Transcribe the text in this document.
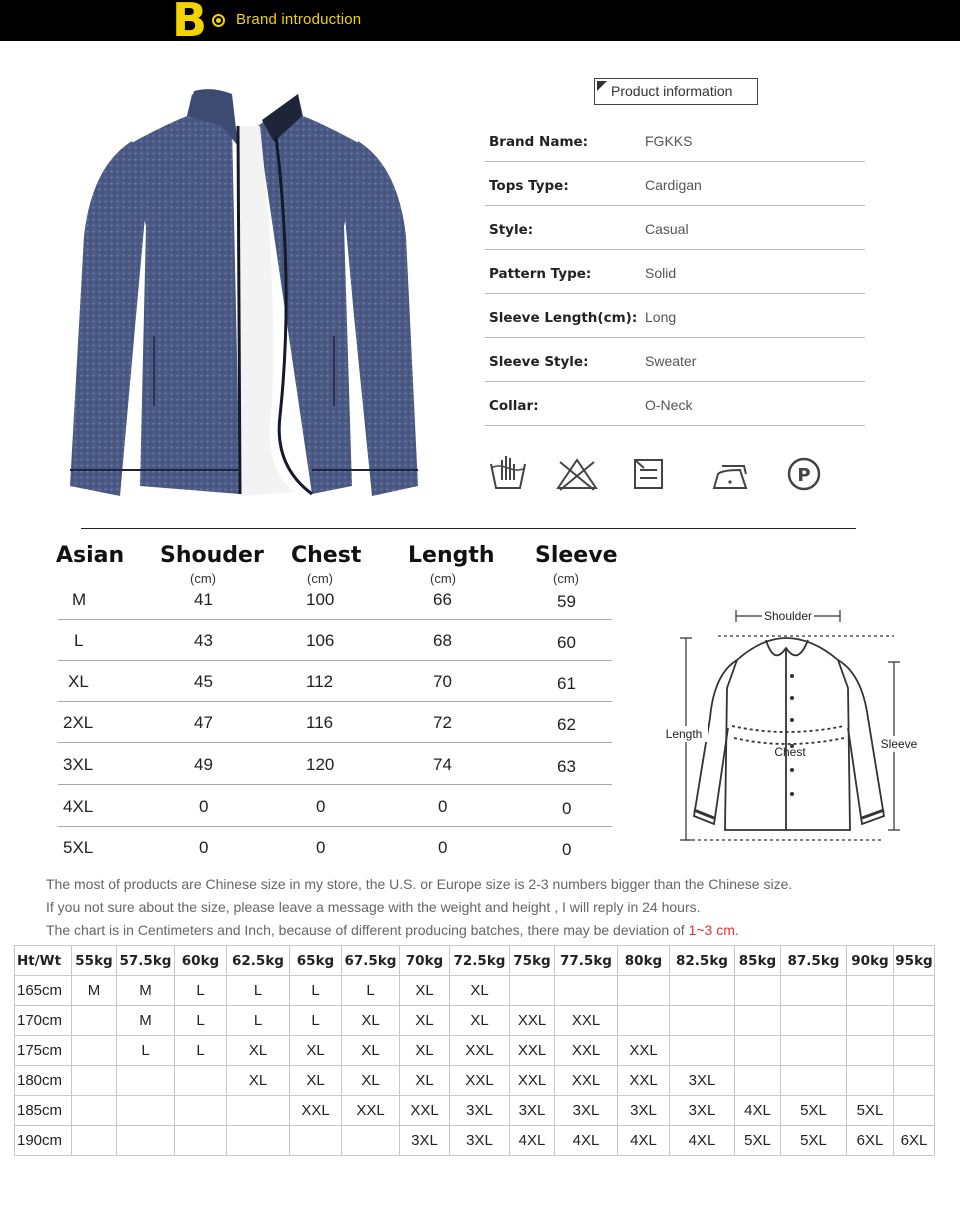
B Brand introduction
Product information
Brand Name:	FGKKS
Tops Type:	Cardigan
Style:	Casual
Pattern Type:	Solid
Sleeve Length(cm): Long
Sleeve Style:	Sweater
Collar:	O-Neck
P
Asian Shouder Chest Length Sleeve
(cm)	(cm)	(cm)	(cm)
M	41	100	66	59
L	43	106	68	60
XL	45	112	70	61
2XL	47	116	72	62
3XL	49	120	74	63
4XL	0	0	0	0
5XL	0	0	0	0
Shoulder
Length
Chest
Sleeve
The most of products are Chinese size in my store, the U.S. or Europe size is 2-3 numbers bigger than the Chinese size.
If you not sure about the size, please leave a message with the weight and height , I will reply in 24 hours.
The chart is in Centimeters and Inch, because of different producing batches, there may be deviation of 1~3 cm.
Ht/Wt	55kg	57.5kg	60kg	62.5kg	65kg	67.5kg	70kg	72.5kg	75kg	77.5kg	80kg	82.5kg	85kg	87.5kg	90kg	95kg
165cm	M	M	L	L	L	L	XL	XL								
170cm		M	L	L	L	XL	XL	XL	XXL	XXL						
175cm		L	L	XL	XL	XL	XL	XXL	XXL	XXL	XXL					
180cm				XL	XL	XL	XL	XXL	XXL	XXL	XXL	3XL				
185cm					XXL	XXL	XXL	3XL	3XL	3XL	3XL	3XL	4XL	5XL	5XL	
190cm							3XL	3XL	4XL	4XL	4XL	4XL	5XL	5XL	6XL	6XL
